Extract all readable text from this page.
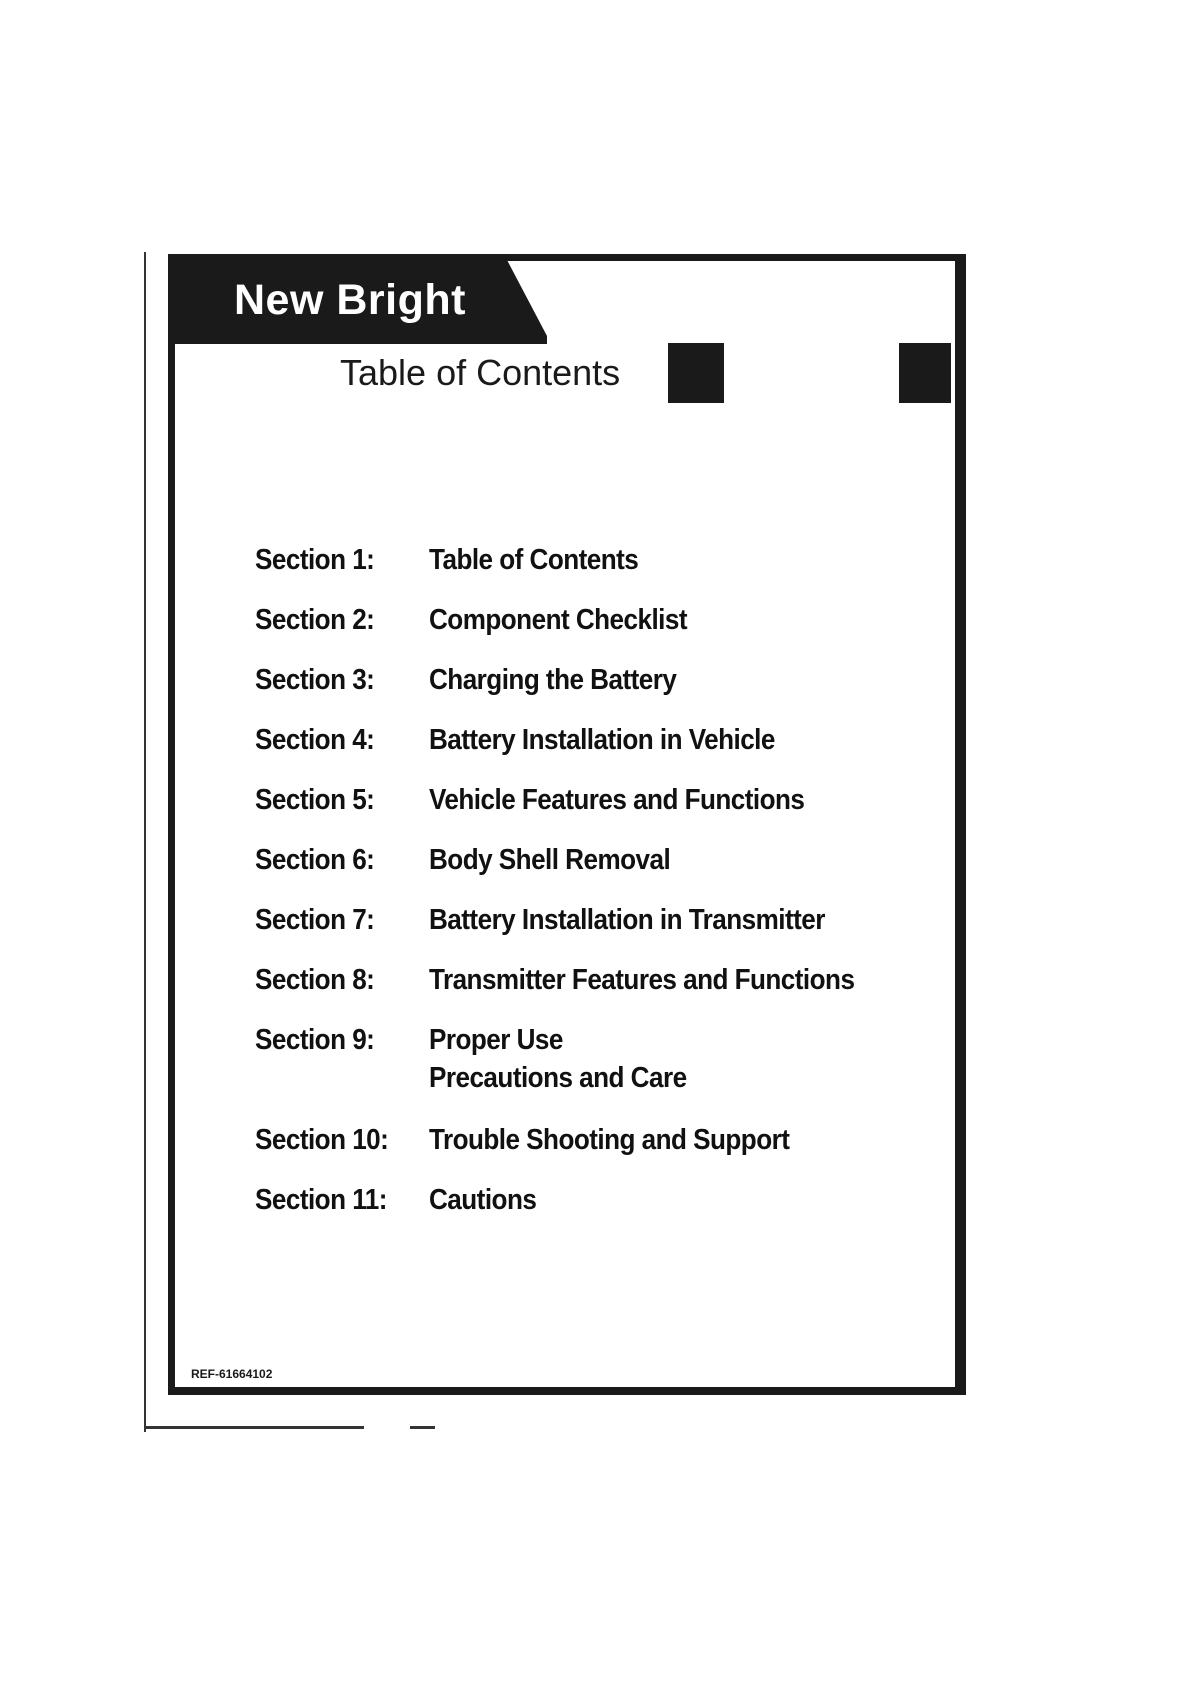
New Bright
Table of Contents
Section 1:	Table of Contents
Section 2:	Component Checklist
Section 3:	Charging the Battery
Section 4:	Battery Installation in Vehicle
Section 5:	Vehicle Features and Functions
Section 6:	Body Shell Removal
Section 7:	Battery Installation in Transmitter
Section 8:	Transmitter Features and Functions
Section 9:	Proper Use
Precautions and Care
Section 10:	Trouble Shooting and Support
Section 11:	Cautions
REF-61664102
